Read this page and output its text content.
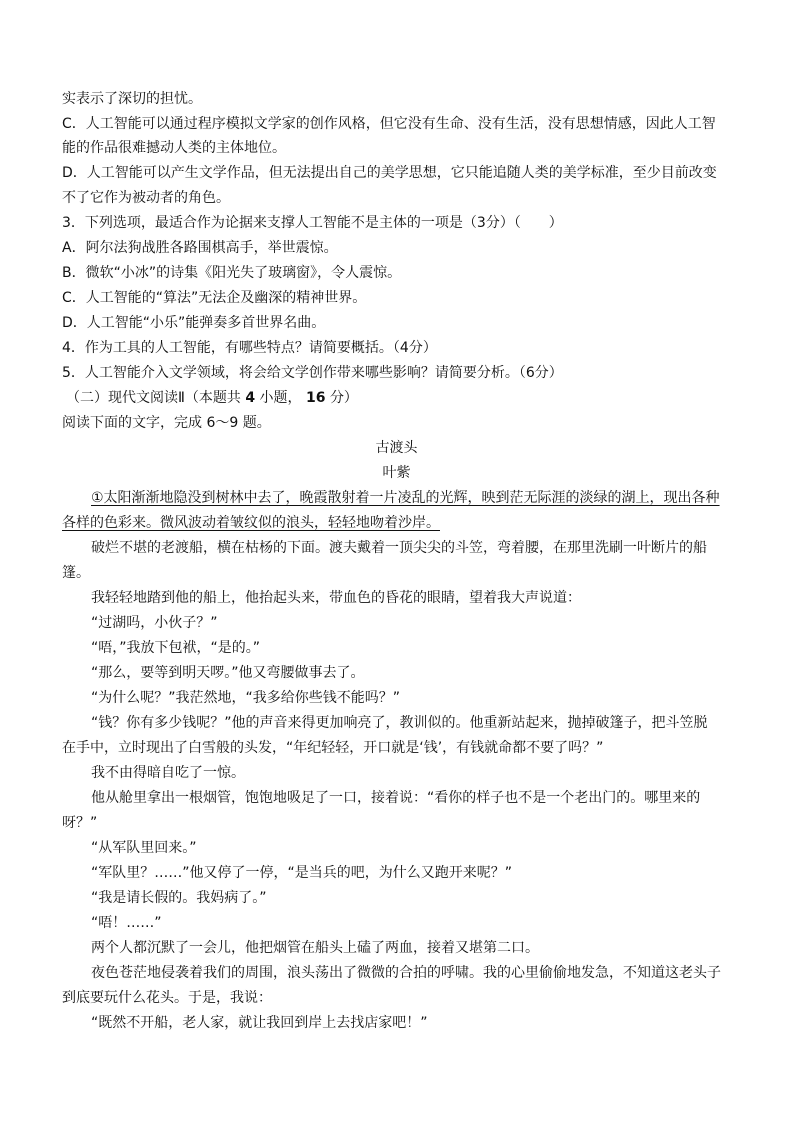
实表示了深切的担忧。
C．人工智能可以通过程序模拟文学家的创作风格，但它没有生命、没有生活，没有思想情感，因此人工智
能的作品很难撼动人类的主体地位。
D．人工智能可以产生文学作品，但无法提出自己的美学思想，它只能追随人类的美学标准，至少目前改变
不了它作为被动者的角色。
3．下列选项，最适合作为论据来支撑人工智能不是主体的一项是（3分）（　　）
A．阿尔法狗战胜各路围棋高手，举世震惊。
B．微软“小冰”的诗集《阳光失了玻璃窗》，令人震惊。
C．人工智能的“算法”无法企及幽深的精神世界。
D．人工智能“小乐”能弹奏多首世界名曲。
4．作为工具的人工智能，有哪些特点？请简要概括。（4分）
5．人工智能介入文学领域，将会给文学创作带来哪些影响？请简要分析。（6分）
（二）现代文阅读Ⅱ（本题共 4 小题， 16 分）
阅读下面的文字，完成 6～9 题。
古渡头
叶紫
①太阳渐渐地隐没到树林中去了，晚霞散射着一片凌乱的光辉，映到茫无际涯的淡绿的湖上，现出各种
各样的色彩来。微风波动着皱纹似的浪头，轻轻地吻着沙岸。
破烂不堪的老渡船，横在枯杨的下面。渡夫戴着一顶尖尖的斗笠，弯着腰，在那里洗刷一叶断片的船
篷。
我轻轻地踏到他的船上，他抬起头来，带血色的昏花的眼睛，望着我大声说道：
“过湖吗，小伙子？”
“唔，”我放下包袱，“是的。”
“那么，要等到明天啰。”他又弯腰做事去了。
“为什么呢？”我茫然地，“我多给你些钱不能吗？”
“钱？你有多少钱呢？”他的声音来得更加响亮了，教训似的。他重新站起来，抛掉破篷子，把斗笠脱
在手中，立时现出了白雪般的头发，“年纪轻轻，开口就是‘钱’，有钱就命都不要了吗？”
我不由得暗自吃了一惊。
他从舱里拿出一根烟管，饱饱地吸足了一口，接着说：“看你的样子也不是一个老出门的。哪里来的
呀？”
“从军队里回来。”
“军队里？……”他又停了一停，“是当兵的吧，为什么又跑开来呢？”
“我是请长假的。我妈病了。”
“唔！……”
两个人都沉默了一会儿，他把烟管在船头上磕了两血，接着又堪第二口。
夜色苍茫地侵袭着我们的周围，浪头荡出了微微的合拍的呼啸。我的心里偷偷地发急，不知道这老头子
到底要玩什么花头。于是，我说：
“既然不开船，老人家，就让我回到岸上去找店家吧！”
